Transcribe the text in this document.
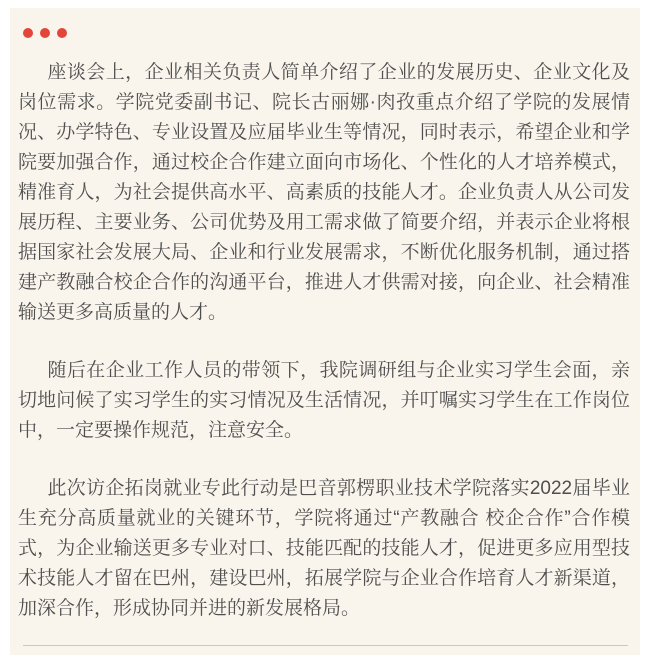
座谈会上，企业相关负责人简单介绍了企业的发展历史、企业文化及岗位需求。学院党委副书记、院长古丽娜·肉孜重点介绍了学院的发展情况、办学特色、专业设置及应届毕业生等情况，同时表示，希望企业和学院要加强合作，通过校企合作建立面向市场化、个性化的人才培养模式，精准育人，为社会提供高水平、高素质的技能人才。企业负责人从公司发展历程、主要业务、公司优势及用工需求做了简要介绍，并表示企业将根据国家社会发展大局、企业和行业发展需求，不断优化服务机制，通过搭建产教融合校企合作的沟通平台，推进人才供需对接，向企业、社会精准输送更多高质量的人才。

随后在企业工作人员的带领下，我院调研组与企业实习学生会面，亲切地问候了实习学生的实习情况及生活情况，并叮嘱实习学生在工作岗位中，一定要操作规范，注意安全。

此次访企拓岗就业专此行动是巴音郭楞职业技术学院落实2022届毕业生充分高质量就业的关键环节，学院将通过“产教融合 校企合作”合作模式，为企业输送更多专业对口、技能匹配的技能人才，促进更多应用型技术技能人才留在巴州，建设巴州，拓展学院与企业合作培育人才新渠道，加深合作，形成协同并进的新发展格局。
